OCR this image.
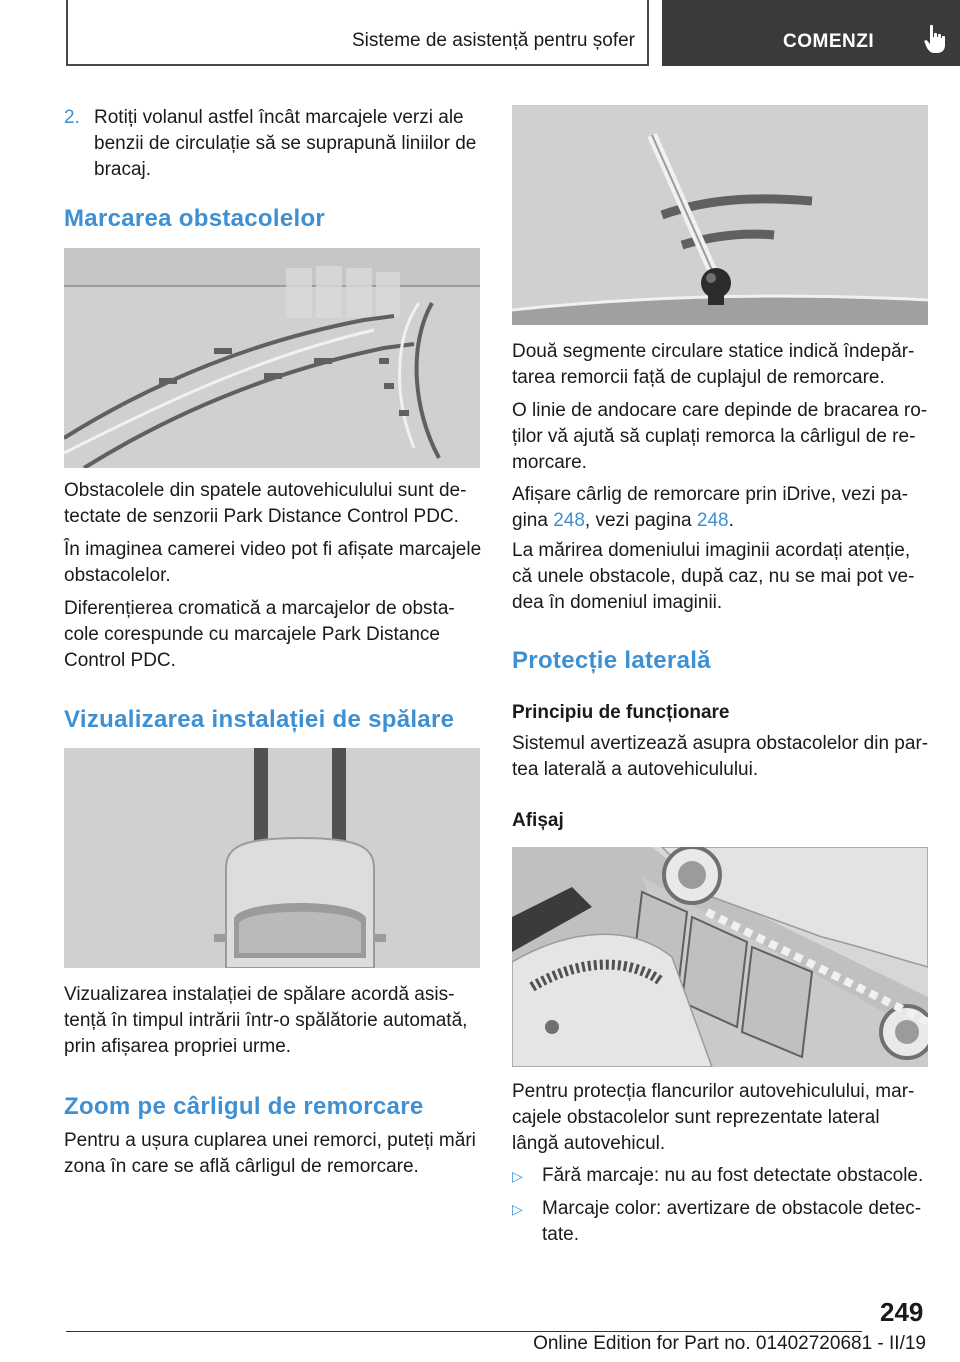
Sisteme de asistență pentru șofer	COMENZI
2. Rotiți volanul astfel încât marcajele verzi ale
benzii de circulație să se suprapună liniilor de
bracaj.
Marcarea obstacolelor

Obstacolele din spatele autovehiculului sunt de-
tectate de senzorii Park Distance Control PDC.

În imaginea camerei video pot fi afișate marcajele
obstacolelor.

Diferențierea cromatică a marcajelor de obsta-
cole corespunde cu marcajele Park Distance
Control PDC.

Vizualizarea instalației de spălare

Vizualizarea instalației de spălare acordă asis-
tență în timpul intrării într-o spălătorie automată,
prin afișarea propriei urme.

Zoom pe cârligul de remorcare

Pentru a ușura cuplarea unei remorci, puteți mări
zona în care se află cârligul de remorcare.

Două segmente circulare statice indică îndepăr-
tarea remorcii față de cuplajul de remorcare.

O linie de andocare care depinde de bracarea ro-
ților vă ajută să cuplați remorca la cârligul de re-
morcare.

Afișare cârlig de remorcare prin iDrive, vezi pa-
gina 248, vezi pagina 248.

La mărirea domeniului imaginii acordați atenție,
că unele obstacole, după caz, nu se mai pot ve-
dea în domeniul imaginii.

Protecție laterală
Principiu de funcționare

Sistemul avertizează asupra obstacolelor din par-
tea laterală a autovehiculului.

Afișaj

Pentru protecția flancurilor autovehiculului, mar-
cajele obstacolelor sunt reprezentate lateral
lângă autovehicul.

▷ Fără marcaje: nu au fost detectate obstacole.
▷ Marcaje color: avertizare de obstacole detec-
tate.
249
Online Edition for Part no. 01402720681 - II/19
